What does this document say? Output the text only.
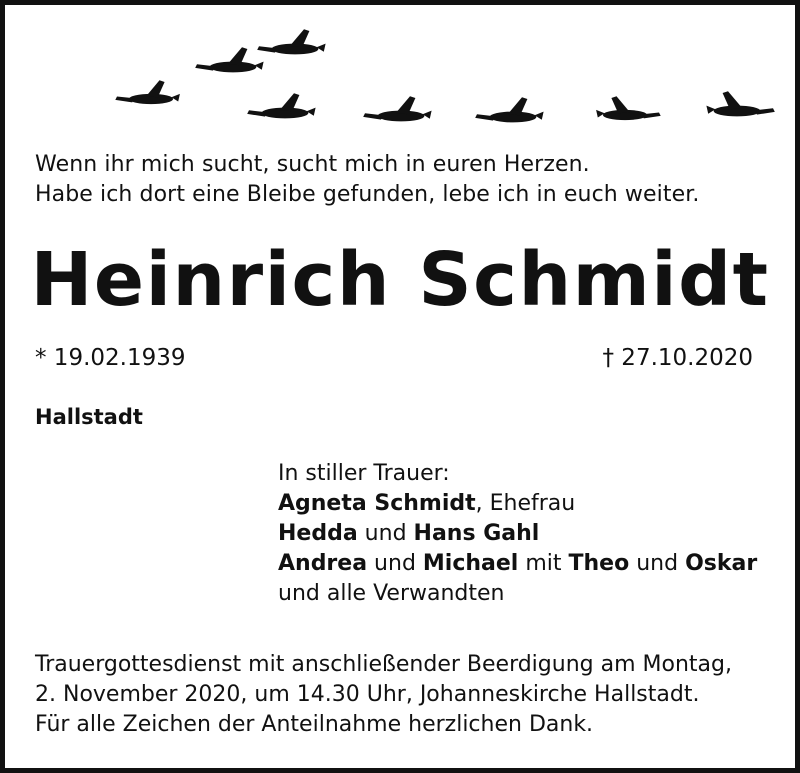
Wenn ihr mich sucht, sucht mich in euren Herzen.
Habe ich dort eine Bleibe gefunden, lebe ich in euch weiter.
Heinrich Schmidt
* 19.02.1939	† 27.10.2020
Hallstadt
In stiller Trauer:
Agneta Schmidt, Ehefrau
Hedda und Hans Gahl
Andrea und Michael mit Theo und Oskar
und alle Verwandten
Trauergottesdienst mit anschließender Beerdigung am Montag,
2. November 2020, um 14.30 Uhr, Johanneskirche Hallstadt.
Für alle Zeichen der Anteilnahme herzlichen Dank.
